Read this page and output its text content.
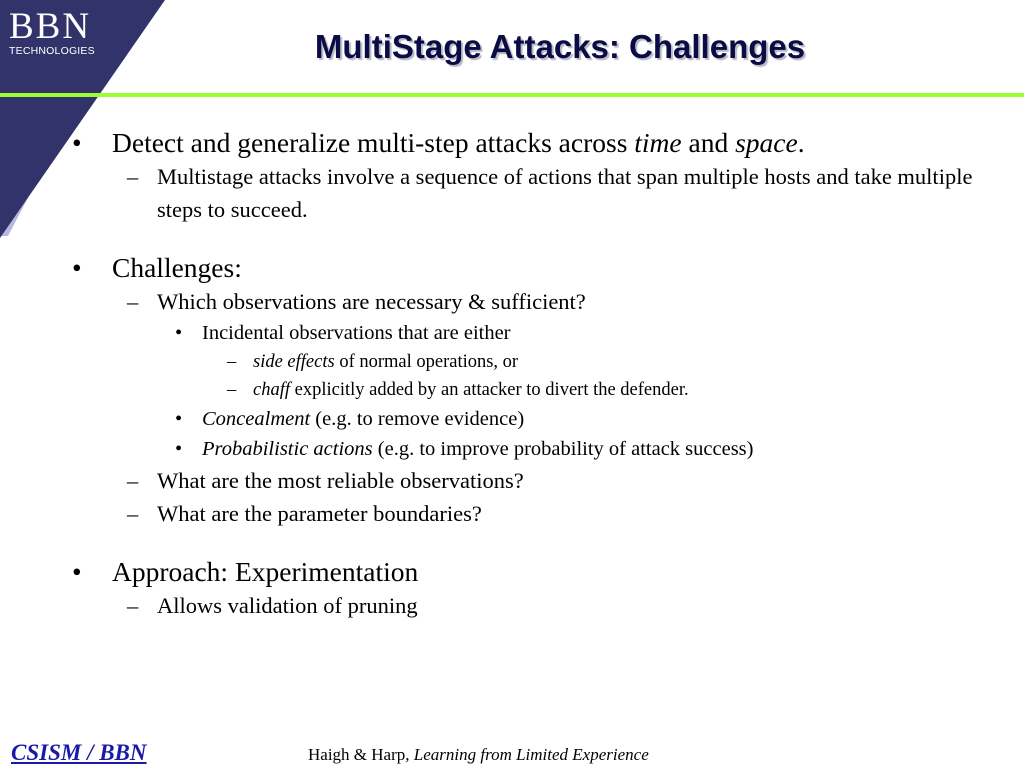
BBN
TECHNOLOGIES	MultiStage Attacks: Challenges
• Detect and generalize multi-step attacks across time and space.
– Multistage attacks involve a sequence of actions that span multiple hosts and take multiple steps to succeed.
• Challenges:
– Which observations are necessary & sufficient?
• Incidental observations that are either
– side effects of normal operations, or
– chaff explicitly added by an attacker to divert the defender.
• Concealment (e.g. to remove evidence)
• Probabilistic actions (e.g. to improve probability of attack success)
– What are the most reliable observations?
– What are the parameter boundaries?
• Approach: Experimentation
– Allows validation of pruning
CSISM / BBN	Haigh & Harp, Learning from Limited Experience
